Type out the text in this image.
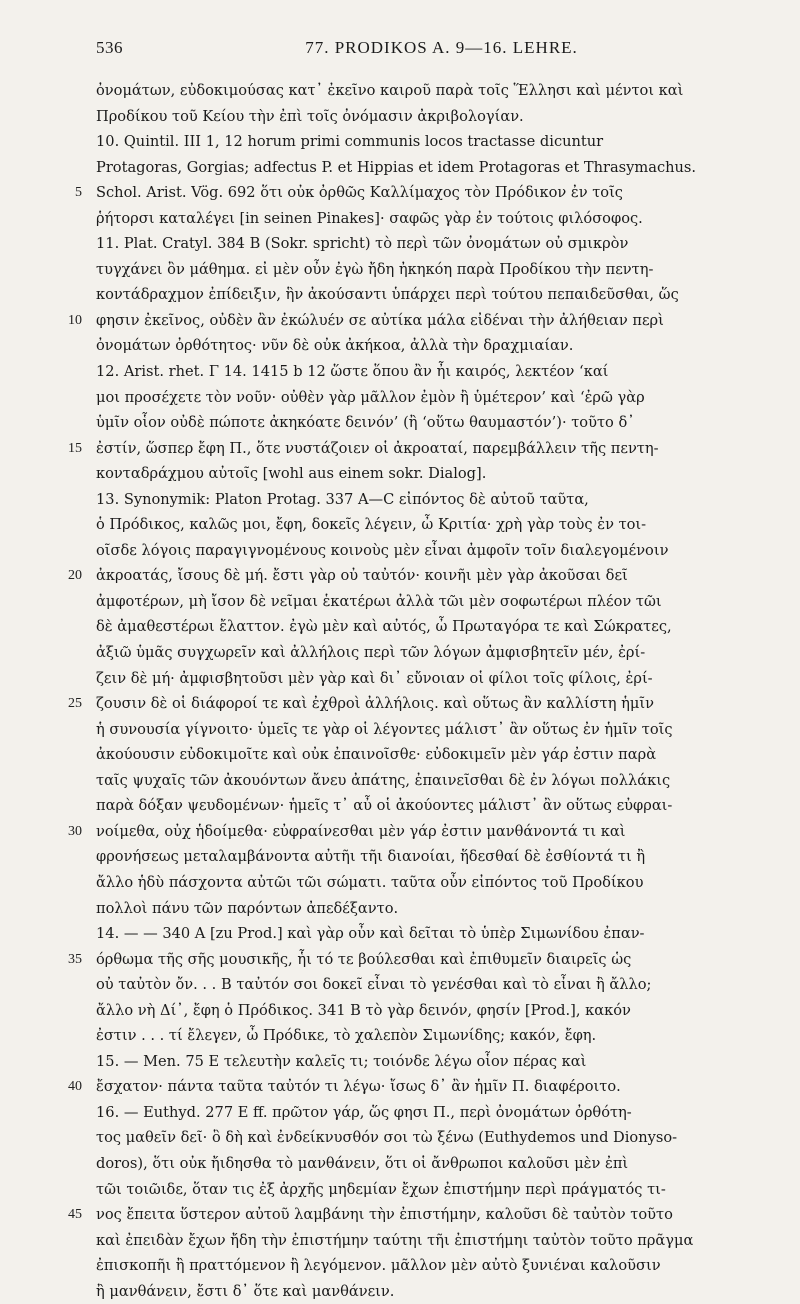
536	77. PRODIKOS A. 9—16. LEHRE.
ὀνομάτων, εὐδοκιμούσας κατ᾽ ἐκεῖνο καιροῦ παρὰ τοῖς Ἕλλησι καὶ μέντοι καὶ
Προδίκου τοῦ Κείου τὴν ἐπὶ τοῖς ὀνόμασιν ἀκριβολογίαν.
10. Quintil. III 1, 12 horum primi communis locos tractasse dicuntur
Protagoras, Gorgias; adfectus P. et Hippias et idem Protagoras et Thrasymachus.
5 Schol. Arist. Vög. 692 ὅτι οὐκ ὀρθῶς Καλλίμαχος τὸν Πρόδικον ἐν τοῖς
ῥήτορσι καταλέγει [in seinen Pinakes]· σαφῶς γὰρ ἐν τούτοις φιλόσοφος.
11. Plat. Cratyl. 384 B (Sokr. spricht) τὸ περὶ τῶν ὀνομάτων οὐ σμικρὸν
τυγχάνει ὂν μάθημα. εἰ μὲν οὖν ἐγὼ ἤδη ἠκηκόη παρὰ Προδίκου τὴν πεντη-
κοντάδραχμον ἐπίδειξιν, ἣν ἀκούσαντι ὑπάρχει περὶ τούτου πεπαιδεῦσθαι, ὥς
10 φησιν ἐκεῖνος, οὐδὲν ἂν ἐκώλυέν σε αὐτίκα μάλα εἰδέναι τὴν ἀλήθειαν περὶ
ὀνομάτων ὀρθότητος· νῦν δὲ οὐκ ἀκήκοα, ἀλλὰ τὴν δραχμιαίαν.
12. Arist. rhet. Γ 14. 1415 b 12 ὥστε ὅπου ἂν ἦι καιρός, λεκτέον ‘καί
μοι προσέχετε τὸν νοῦν· οὐθὲν γὰρ μᾶλλον ἐμὸν ἢ ὑμέτερον’ καὶ ‘ἐρῶ γὰρ
ὑμῖν οἷον οὐδὲ πώποτε ἀκηκόατε δεινόν’ (ἢ ‘οὕτω θαυμαστόν’)· τοῦτο δ᾽
15 ἐστίν, ὥσπερ ἔφη Π., ὅτε νυστάζοιεν οἱ ἀκροαταί, παρεμβάλλειν τῆς πεντη-
κονταδράχμου αὐτοῖς [wohl aus einem sokr. Dialog].
13. Synonymik: Platon Protag. 337 A—C εἰπόντος δὲ αὐτοῦ ταῦτα,
ὁ Πρόδικος, καλῶς μοι, ἔφη, δοκεῖς λέγειν, ὦ Κριτία· χρὴ γὰρ τοὺς ἐν τοι-
οῖσδε λόγοις παραγιγνομένους κοινοὺς μὲν εἶναι ἀμφοῖν τοῖν διαλεγομένοιν
20 ἀκροατάς, ἴσους δὲ μή. ἔστι γὰρ οὐ ταὐτόν· κοινῆι μὲν γὰρ ἀκοῦσαι δεῖ
ἀμφοτέρων, μὴ ἴσον δὲ νεῖμαι ἑκατέρωι ἀλλὰ τῶι μὲν σοφωτέρωι πλέον τῶι
δὲ ἀμαθεστέρωι ἔλαττον. ἐγὼ μὲν καὶ αὐτός, ὦ Πρωταγόρα τε καὶ Σώκρατες,
ἀξιῶ ὑμᾶς συγχωρεῖν καὶ ἀλλήλοις περὶ τῶν λόγων ἀμφισβητεῖν μέν, ἐρί-
ζειν δὲ μή· ἀμφισβητοῦσι μὲν γὰρ καὶ δι᾽ εὔνοιαν οἱ φίλοι τοῖς φίλοις, ἐρί-
25 ζουσιν δὲ οἱ διάφοροί τε καὶ ἐχθροὶ ἀλλήλοις. καὶ οὕτως ἂν καλλίστη ἡμῖν
ἡ συνουσία γίγνοιτο· ὑμεῖς τε γὰρ οἱ λέγοντες μάλιστ᾽ ἂν οὕτως ἐν ἡμῖν τοῖς
ἀκούουσιν εὐδοκιμοῖτε καὶ οὐκ ἐπαινοῖσθε· εὐδοκιμεῖν μὲν γάρ ἐστιν παρὰ
ταῖς ψυχαῖς τῶν ἀκουόντων ἄνευ ἀπάτης, ἐπαινεῖσθαι δὲ ἐν λόγωι πολλάκις
παρὰ δόξαν ψευδομένων· ἡμεῖς τ᾽ αὖ οἱ ἀκούοντες μάλιστ᾽ ἂν οὕτως εὐφραι-
30 νοίμεθα, οὐχ ἡδοίμεθα· εὐφραίνεσθαι μὲν γάρ ἐστιν μανθάνοντά τι καὶ
φρονήσεως μεταλαμβάνοντα αὐτῆι τῆι διανοίαι, ἥδεσθαί δὲ ἐσθίοντά τι ἢ
ἄλλο ἡδὺ πάσχοντα αὐτῶι τῶι σώματι. ταῦτα οὖν εἰπόντος τοῦ Προδίκου
πολλοὶ πάνυ τῶν παρόντων ἀπεδέξαντο.
14. — — 340 A [zu Prod.] καὶ γὰρ οὖν καὶ δεῖται τὸ ὑπὲρ Σιμωνίδου ἐπαν-
35 όρθωμα τῆς σῆς μουσικῆς, ἧι τό τε βούλεσθαι καὶ ἐπιθυμεῖν διαιρεῖς ὡς
οὐ ταὐτὸν ὄν. . . B ταὐτόν σοι δοκεῖ εἶναι τὸ γενέσθαι καὶ τὸ εἶναι ἢ ἄλλο;
ἄλλο νὴ Δί᾽, ἔφη ὁ Πρόδικος. 341 B τὸ γὰρ δεινόν, φησίν [Prod.], κακόν
ἐστιν . . . τί ἔλεγεν, ὦ Πρόδικε, τὸ χαλεπὸν Σιμωνίδης; κακόν, ἔφη.
15. — Men. 75 E τελευτὴν καλεῖς τι; τοιόνδε λέγω οἷον πέρας καὶ
40 ἔσχατον· πάντα ταῦτα ταὐτόν τι λέγω· ἴσως δ᾽ ἂν ἡμῖν Π. διαφέροιτο.
16. — Euthyd. 277 E ff. πρῶτον γάρ, ὥς φησι Π., περὶ ὀνομάτων ὀρθότη-
τος μαθεῖν δεῖ· ὃ δὴ καὶ ἐνδείκνυσθόν σοι τὼ ξένω (Euthydemos und Dionyso-
doros), ὅτι οὐκ ἤιδησθα τὸ μανθάνειν, ὅτι οἱ ἄνθρωποι καλοῦσι μὲν ἐπὶ
τῶι τοιῶιδε, ὅταν τις ἐξ ἀρχῆς μηδεμίαν ἔχων ἐπιστήμην περὶ πράγματός τι-
45 νος ἔπειτα ὕστερον αὐτοῦ λαμβάνηι τὴν ἐπιστήμην, καλοῦσι δὲ ταὐτὸν τοῦτο
καὶ ἐπειδὰν ἔχων ἤδη τὴν ἐπιστήμην ταύτηι τῆι ἐπιστήμηι ταὐτὸν τοῦτο πρᾶγμα
ἐπισκοπῆι ἢ πραττόμενον ἢ λεγόμενον. μᾶλλον μὲν αὐτὸ ξυνιέναι καλοῦσιν
ἢ μανθάνειν, ἔστι δ᾽ ὅτε καὶ μανθάνειν.
